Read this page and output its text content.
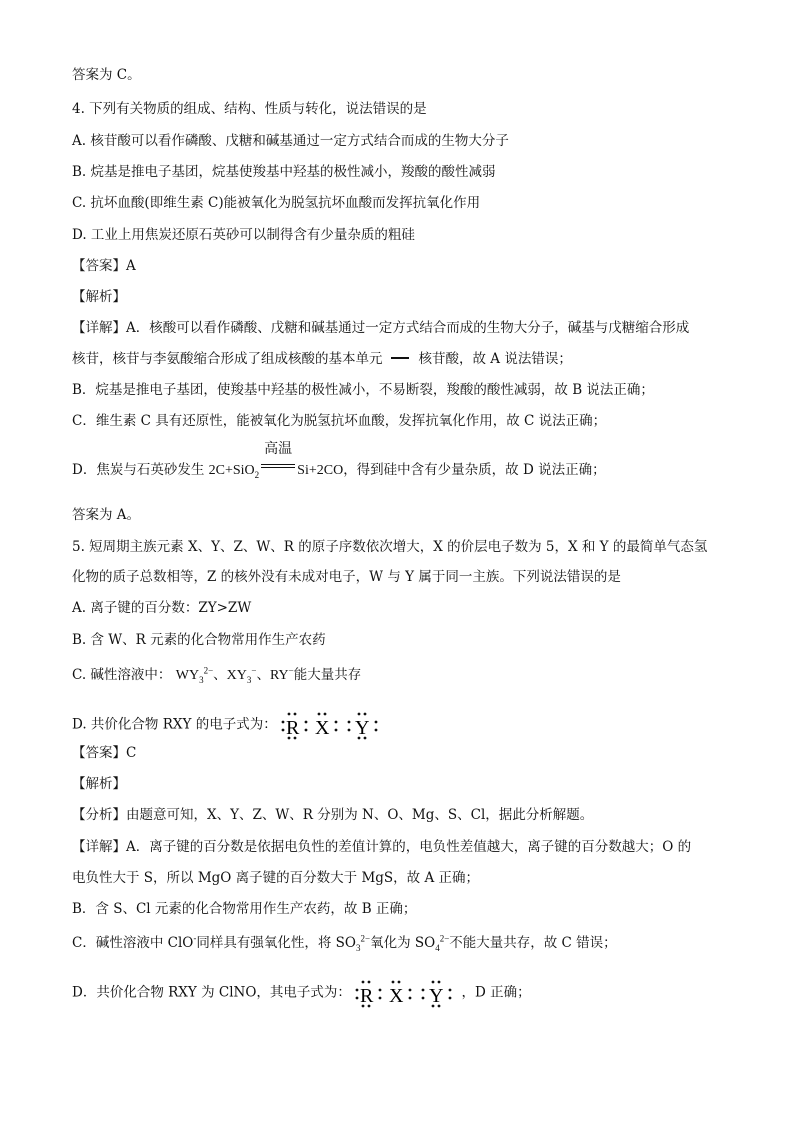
答案为 C。
4. 下列有关物质的组成、结构、性质与转化，说法错误的是
A. 核苷酸可以看作磷酸、戊糖和碱基通过一定方式结合而成的生物大分子
B. 烷基是推电子基团，烷基使羧基中羟基的极性减小，羧酸的酸性减弱
C. 抗坏血酸(即维生素 C)能被氧化为脱氢抗坏血酸而发挥抗氧化作用
D. 工业上用焦炭还原石英砂可以制得含有少量杂质的粗硅
【答案】A
【解析】
【详解】A．核酸可以看作磷酸、戊糖和碱基通过一定方式结合而成的生物大分子，碱基与戊糖缩合形成
核苷，核苷与李氨酸缩合形成了组成核酸的基本单元	核苷酸，故 A 说法错误；
B．烷基是推电子基团，使羧基中羟基的极性减小，不易断裂，羧酸的酸性减弱，故 B 说法正确；
C．维生素 C 具有还原性，能被氧化为脱氢抗坏血酸，发挥抗氧化作用，故 C 说法正确；
D．焦炭与石英砂发生 2C+SiO$_2$
高温
Si+2CO，得到硅中含有少量杂质，故 D 说法正确；
答案为 A。
5. 短周期主族元素 X、Y、Z、W、R 的原子序数依次增大，X 的价层电子数为 5，X 和 Y 的最简单气态氢
化物的质子总数相等，Z 的核外没有未成对电子，W 与 Y 属于同一主族。下列说法错误的是
A. 离子键的百分数：ZY>ZW
B. 含 W、R 元素的化合物常用作生产农药
C. 碱性溶液中： $WY_3^{2-}$、$XY_3^-$、RY−能大量共存
D. 共价化合物 RXY 的电子式为： R X Y
【答案】C
【解析】
【分析】由题意可知，X、Y、Z、W、R 分别为 N、O、Mg、S、Cl，据此分析解题。
【详解】A．离子键的百分数是依据电负性的差值计算的，电负性差值越大，离子键的百分数越大；O 的
电负性大于 S，所以 MgO 离子键的百分数大于 MgS，故 A 正确；
B．含 S、Cl 元素的化合物常用作生产农药，故 B 正确；
C．碱性溶液中 ClO-同样具有强氧化性，将 $SO_3^{2-}$氧化为 $SO_4^{2-}$不能大量共存，故 C 错误；
D．共价化合物 RXY 为 ClNO，其电子式为： R X Y ，D 正确；
